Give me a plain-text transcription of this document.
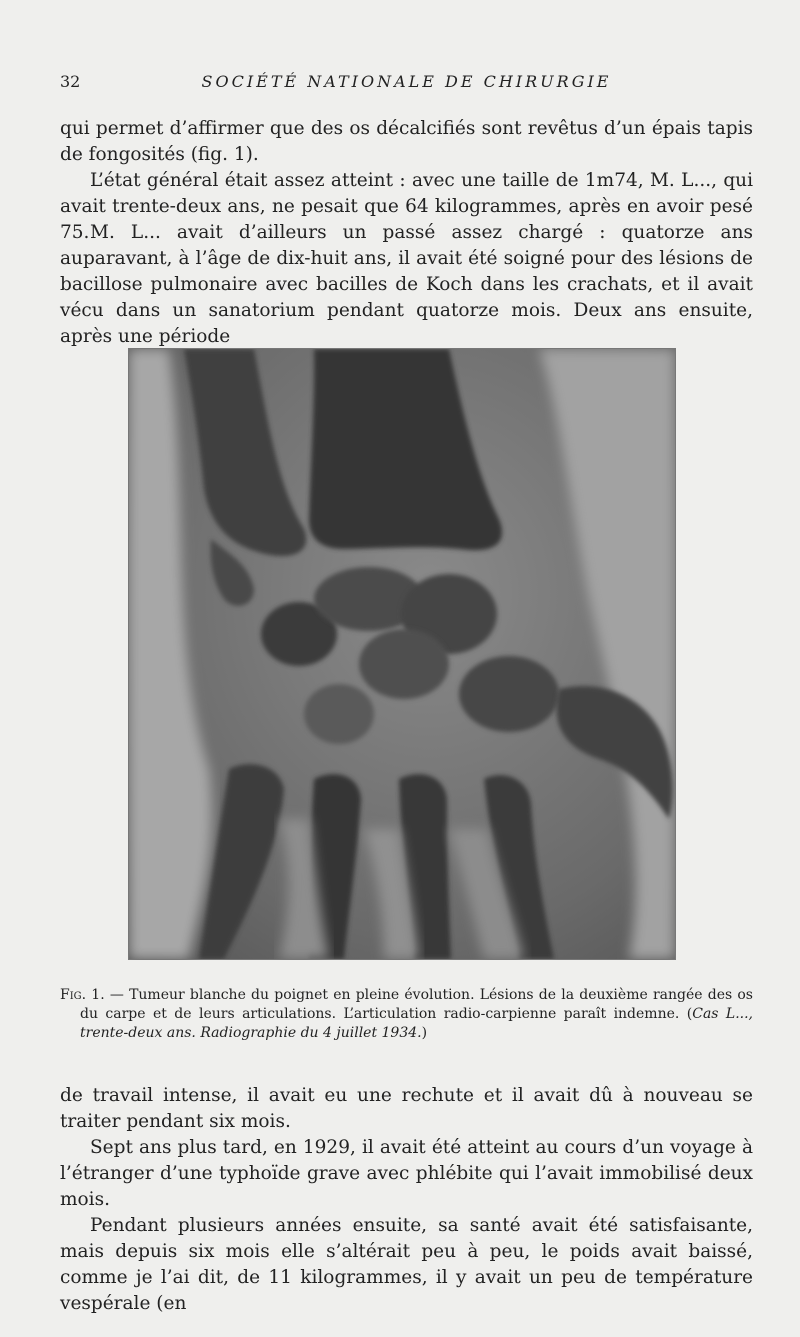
32	SOCIÉTÉ NATIONALE DE CHIRURGIE

qui permet d’affirmer que des os décalcifiés sont revêtus d’un épais tapis de fongosités (fig. 1).

L’état général était assez atteint : avec une taille de 1m74, M. L..., qui avait trente-deux ans, ne pesait que 64 kilogrammes, après en avoir pesé 75. M. L... avait d’ailleurs un passé assez chargé : quatorze ans auparavant, à l’âge de dix-huit ans, il avait été soigné pour des lésions de bacillose pulmonaire avec bacilles de Koch dans les crachats, et il avait vécu dans un sanatorium pendant quatorze mois. Deux ans ensuite, après une période

Fig. 1. — Tumeur blanche du poignet en pleine évolution. Lésions de la deuxième rangée des os du carpe et de leurs articulations. L’articulation radio-carpienne paraît indemne. (Cas L..., trente-deux ans. Radiographie du 4 juillet 1934.)

de travail intense, il avait eu une rechute et il avait dû à nouveau se traiter pendant six mois.

Sept ans plus tard, en 1929, il avait été atteint au cours d’un voyage à l’étranger d’une typhoïde grave avec phlébite qui l’avait immobilisé deux mois.

Pendant plusieurs années ensuite, sa santé avait été satisfaisante, mais depuis six mois elle s’altérait peu à peu, le poids avait baissé, comme je l’ai dit, de 11 kilogrammes, il y avait un peu de température vespérale (en
